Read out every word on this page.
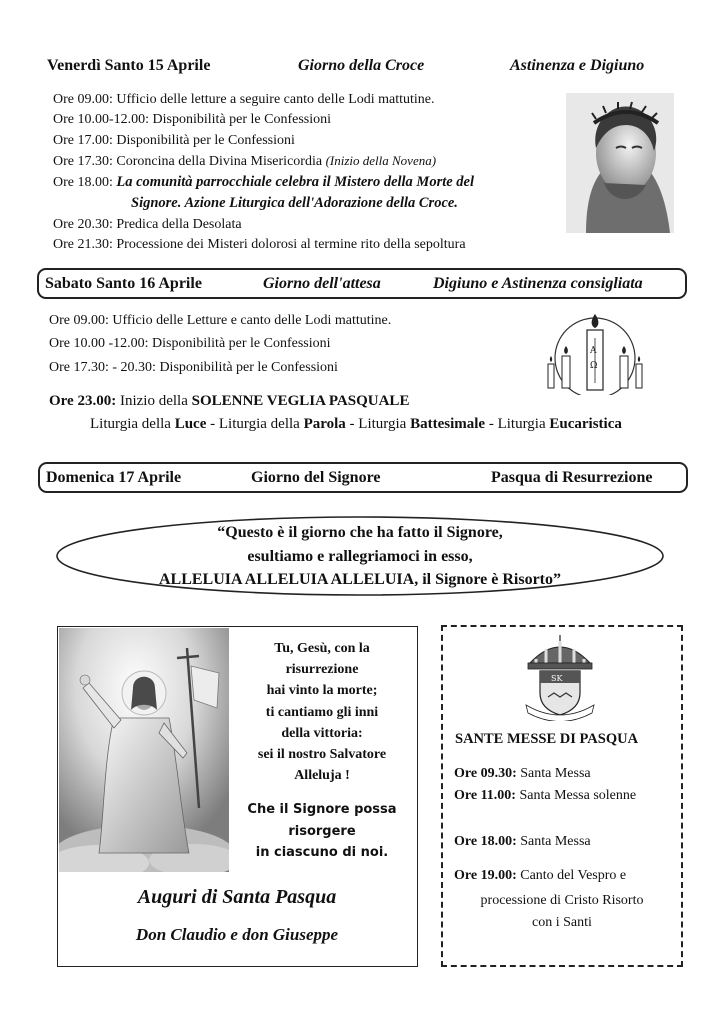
Venerdì Santo 15 Aprile	Giorno della Croce	Astinenza e Digiuno
Ore 09.00: Ufficio delle letture a seguire canto delle Lodi mattutine.
Ore 10.00-12.00: Disponibilità per le Confessioni
Ore 17.00: Disponibilità per le Confessioni
Ore 17.30: Coroncina della Divina Misericordia (Inizio della Novena)
Ore 18.00: La comunità parrocchiale celebra il Mistero della Morte del
Signore. Azione Liturgica dell'Adorazione della Croce.
Ore 20.30: Predica della Desolata
Ore 21.30: Processione dei Misteri dolorosi al termine rito della sepoltura
Sabato Santo 16 Aprile	Giorno dell'attesa	Digiuno e Astinenza consigliata
Ore 09.00: Ufficio delle Letture e canto delle Lodi mattutine.
Ore 10.00 -12.00: Disponibilità per le Confessioni
Ore 17.30: - 20.30: Disponibilità per le Confessioni
Α
Ω
Ore 23.00: Inizio della SOLENNE VEGLIA PASQUALE
Liturgia della Luce - Liturgia della Parola - Liturgia Battesimale - Liturgia Eucaristica
Domenica 17 Aprile	Giorno del Signore	Pasqua di Resurrezione
“Questo è il giorno che ha fatto il Signore,
esultiamo e rallegriamoci in esso,
ALLELUIA ALLELUIA ALLELUIA, il Signore è Risorto”
Tu, Gesù, con la
risurrezione
hai vinto la morte;
ti cantiamo gli inni
della vittoria:
sei il nostro Salvatore
Alleluja !
Che il Signore possa
risorgere
in ciascuno di noi.
Auguri di Santa Pasqua
Don Claudio e don Giuseppe
SK
SANTE MESSE DI PASQUA
Ore 09.30: Santa Messa
Ore 11.00: Santa Messa solenne
Ore 18.00: Santa Messa
Ore 19.00: Canto del Vespro e
processione di Cristo Risorto
con i Santi
